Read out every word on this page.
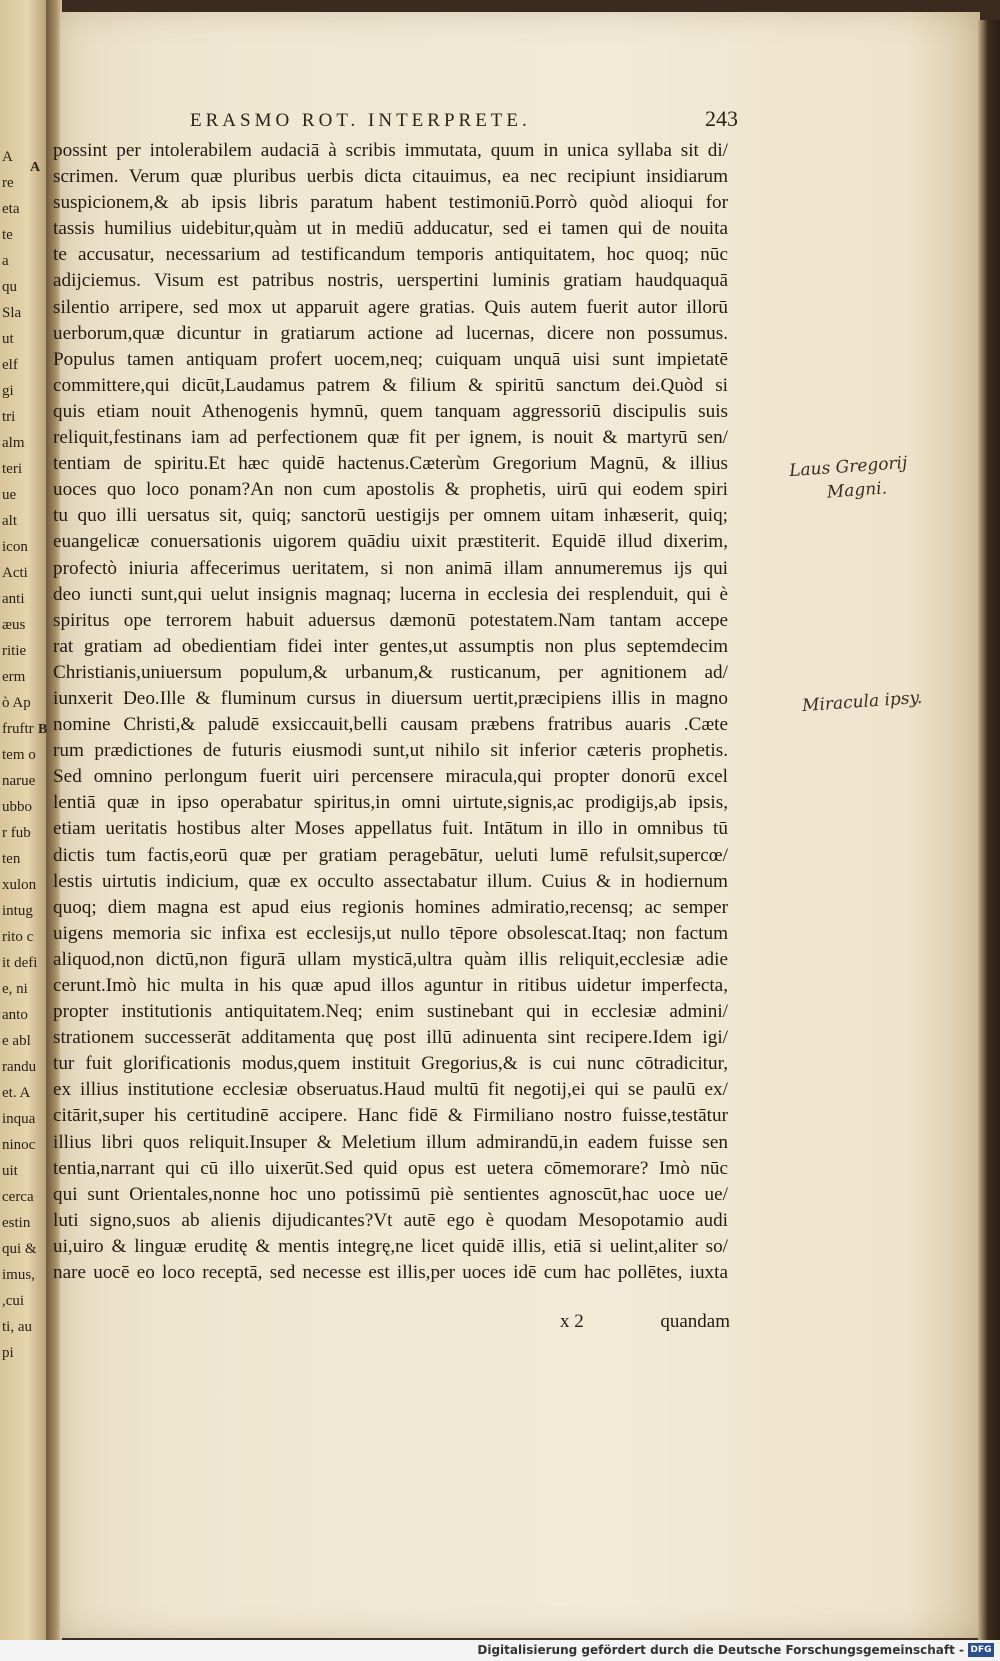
ERASMO ROT. INTERPRETE.	243
A
B
possint per intolerabilem audaciā à scribis immutata, quum in unica syllaba sit di/
scrimen. Verum quæ pluribus uerbis dicta citauimus, ea nec recipiunt insidiarum
suspicionem,& ab ipsis libris paratum habent testimoniū.Porrò quòd alioqui for
tassis humilius uidebitur,quàm ut in mediū adducatur, sed ei tamen qui de nouita
te accusatur, necessarium ad testificandum temporis antiquitatem, hoc quoq; nūc
adijciemus. Visum est patribus nostris, uerspertini luminis gratiam haudquaquā
silentio arripere, sed mox ut apparuit agere gratias. Quis autem fuerit autor illorū
uerborum,quæ dicuntur in gratiarum actione ad lucernas, dicere non possumus.
Populus tamen antiquam profert uocem,neq; cuiquam unquā uisi sunt impietatē
committere,qui dicūt,Laudamus patrem & filium & spiritū sanctum dei.Quòd si
quis etiam nouit Athenogenis hymnū, quem tanquam aggressoriū discipulis suis
reliquit,festinans iam ad perfectionem quæ fit per ignem, is nouit & martyrū sen/
tentiam de spiritu.Et hæc quidē hactenus.Cæterùm Gregorium Magnū, & illius
uoces quo loco ponam?An non cum apostolis & prophetis, uirū qui eodem spiri
tu quo illi uersatus sit, quiq; sanctorū uestigijs per omnem uitam inhæserit, quiq;
euangelicæ conuersationis uigorem quādiu uixit præstiterit. Equidē illud dixerim,
profectò iniuria affecerimus ueritatem, si non animā illam annumeremus ijs qui
deo iuncti sunt,qui uelut insignis magnaq; lucerna in ecclesia dei resplenduit, qui è
spiritus ope terrorem habuit aduersus dæmonū potestatem.Nam tantam accepe
rat gratiam ad obedientiam fidei inter gentes,ut assumptis non plus septemdecim
Christianis,uniuersum populum,& urbanum,& rusticanum, per agnitionem ad/
iunxerit Deo.Ille & fluminum cursus in diuersum uertit,præcipiens illis in magno
nomine Christi,& paludē exsiccauit,belli causam præbens fratribus auaris .Cæte
rum prædictiones de futuris eiusmodi sunt,ut nihilo sit inferior cæteris prophetis.
Sed omnino perlongum fuerit uiri percensere miracula,qui propter donorū excel
lentiā quæ in ipso operabatur spiritus,in omni uirtute,signis,ac prodigijs,ab ipsis,
etiam ueritatis hostibus alter Moses appellatus fuit. Intātum in illo in omnibus tū
dictis tum factis,eorū quæ per gratiam peragebātur, ueluti lumē refulsit,supercœ/
lestis uirtutis indicium, quæ ex occulto assectabatur illum. Cuius & in hodiernum
quoq; diem magna est apud eius regionis homines admiratio,recensq; ac semper
uigens memoria sic infixa est ecclesijs,ut nullo tēpore obsolescat.Itaq; non factum
aliquod,non dictū,non figurā ullam mysticā,ultra quàm illis reliquit,ecclesiæ adie
cerunt.Imò hic multa in his quæ apud illos aguntur in ritibus uidetur imperfecta,
propter institutionis antiquitatem.Neq; enim sustinebant qui in ecclesiæ admini/
strationem successerāt additamenta quę post illū adinuenta sint recipere.Idem igi/
tur fuit glorificationis modus,quem instituit Gregorius,& is cui nunc cōtradicitur,
ex illius institutione ecclesiæ obseruatus.Haud multū fit negotij,ei qui se paulū ex/
citārit,super his certitudinē accipere. Hanc fidē & Firmiliano nostro fuisse,testātur
illius libri quos reliquit.Insuper & Meletium illum admirandū,in eadem fuisse sen
tentia,narrant qui cū illo uixerūt.Sed quid opus est uetera cōmemorare? Imò nūc
qui sunt Orientales,nonne hoc uno potissimū piè sentientes agnoscūt,hac uoce ue/
luti signo,suos ab alienis dijudicantes?Vt autē ego è quodam Mesopotamio audi
ui,uiro & linguæ eruditę & mentis integrę,ne licet quidē illis, etiā si uelint,aliter so/
nare uocē eo loco receptā, sed necesse est illis,per uoces idē cum hac pollētes, iuxta
x 2	quandam
Laus Gregorij
Magni.
Miracula ipsy.
A
re
eta
te
a
qu
Sla
ut
elf
gi
tri
alm
teri
ue
alt
icon
Acti
anti
æus
ritie
erm
ò Ap
fruftr
tem o
narue
ubbo
r fub
ten
xulon
intug
rito c
it defi
e, ni
anto
e abl
randu
et. A
inqua
ninoc
uit
cerca
estin
qui &
imus,
,cui
ti, au
pi
Digitalisierung gefördert durch die Deutsche Forschungsgemeinschaft - DFG
